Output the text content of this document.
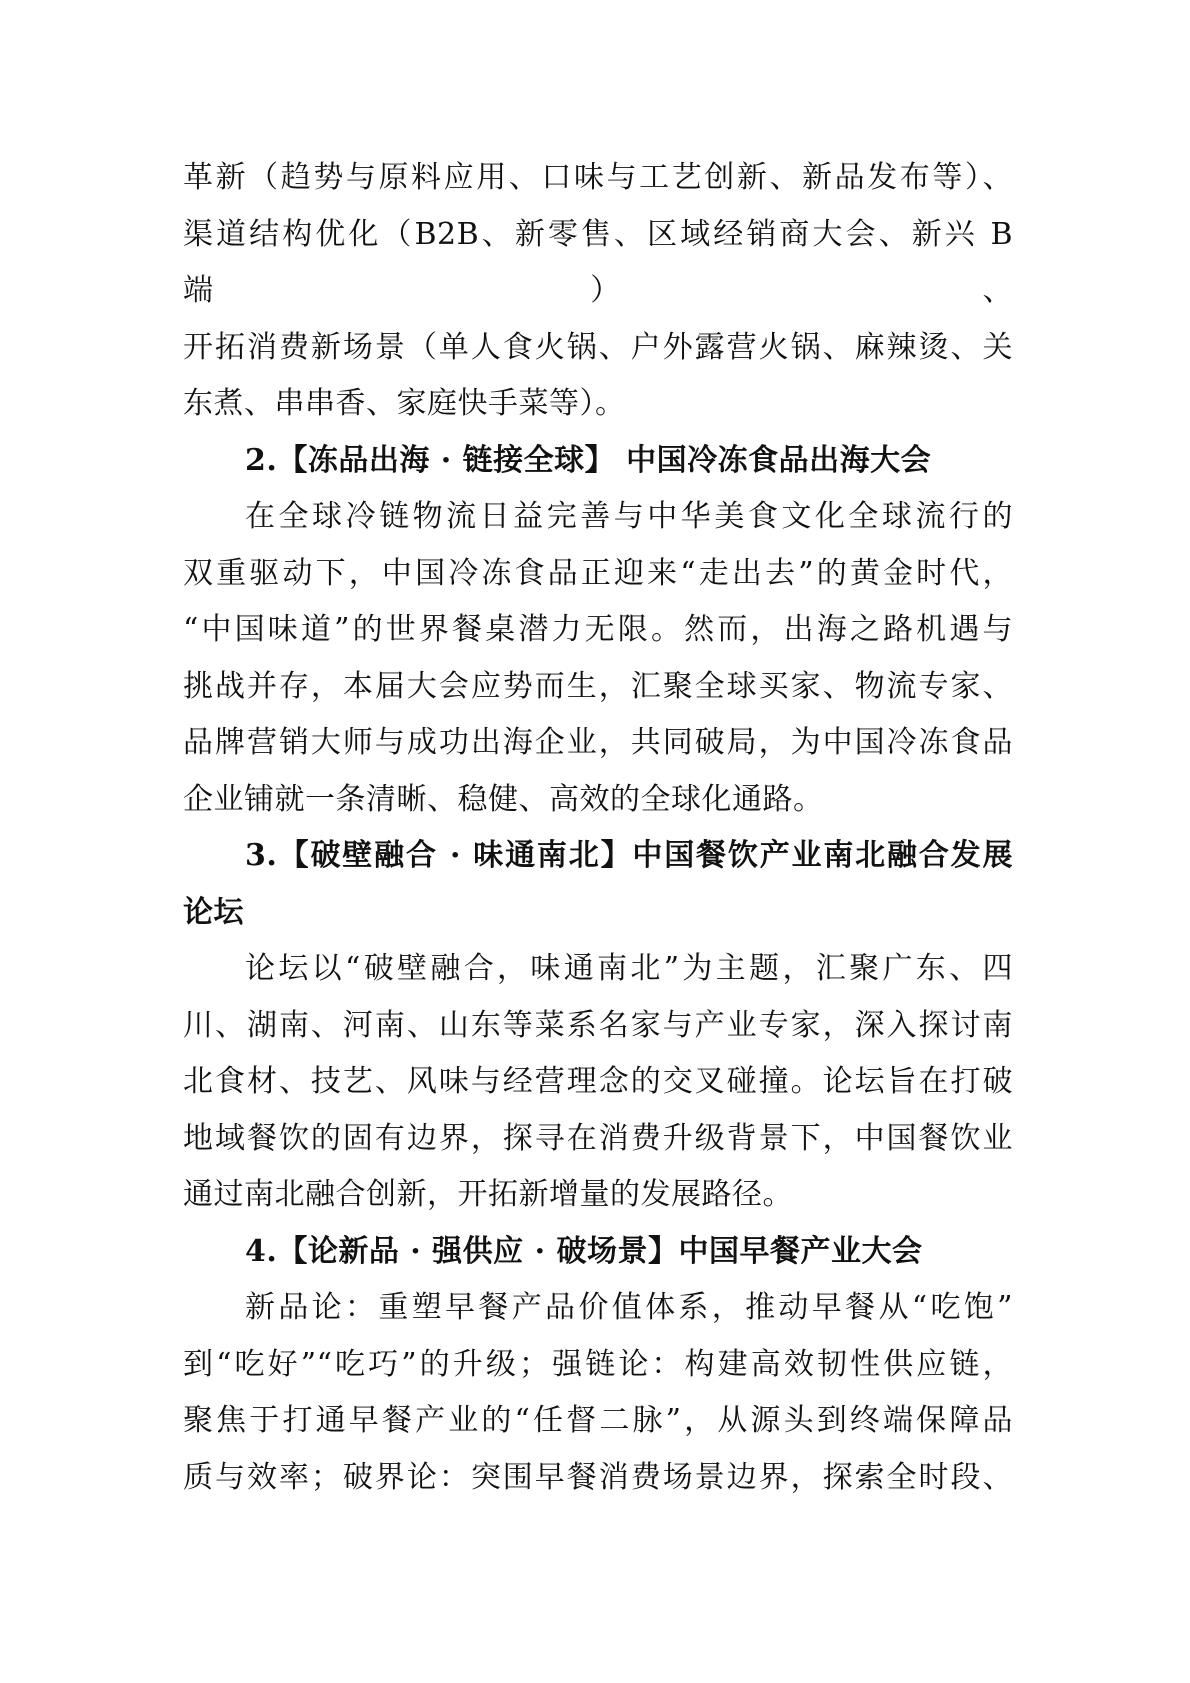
革新（趋势与原料应用、口味与工艺创新、新品发布等）、

渠道结构优化（B2B、新零售、区域经销商大会、新兴 B 端）、

开拓消费新场景（单人食火锅、户外露营火锅、麻辣烫、关

东煮、串串香、家庭快手菜等）。

2.【冻品出海 · 链接全球】 中国冷冻食品出海大会

在全球冷链物流日益完善与中华美食文化全球流行的

双重驱动下，中国冷冻食品正迎来“走出去”的黄金时代，

“中国味道”的世界餐桌潜力无限。然而，出海之路机遇与

挑战并存，本届大会应势而生，汇聚全球买家、物流专家、

品牌营销大师与成功出海企业，共同破局，为中国冷冻食品

企业铺就一条清晰、稳健、高效的全球化通路。

3.【破壁融合 · 味通南北】中国餐饮产业南北融合发展

论坛

论坛以“破壁融合，味通南北”为主题，汇聚广东、四

川、湖南、河南、山东等菜系名家与产业专家，深入探讨南

北食材、技艺、风味与经营理念的交叉碰撞。论坛旨在打破

地域餐饮的固有边界，探寻在消费升级背景下，中国餐饮业

通过南北融合创新，开拓新增量的发展路径。

4.【论新品 · 强供应 · 破场景】中国早餐产业大会

新品论：重塑早餐产品价值体系，推动早餐从“吃饱”

到“吃好”“吃巧”的升级；强链论：构建高效韧性供应链，

聚焦于打通早餐产业的“任督二脉”，从源头到终端保障品

质与效率；破界论：突围早餐消费场景边界，探索全时段、
